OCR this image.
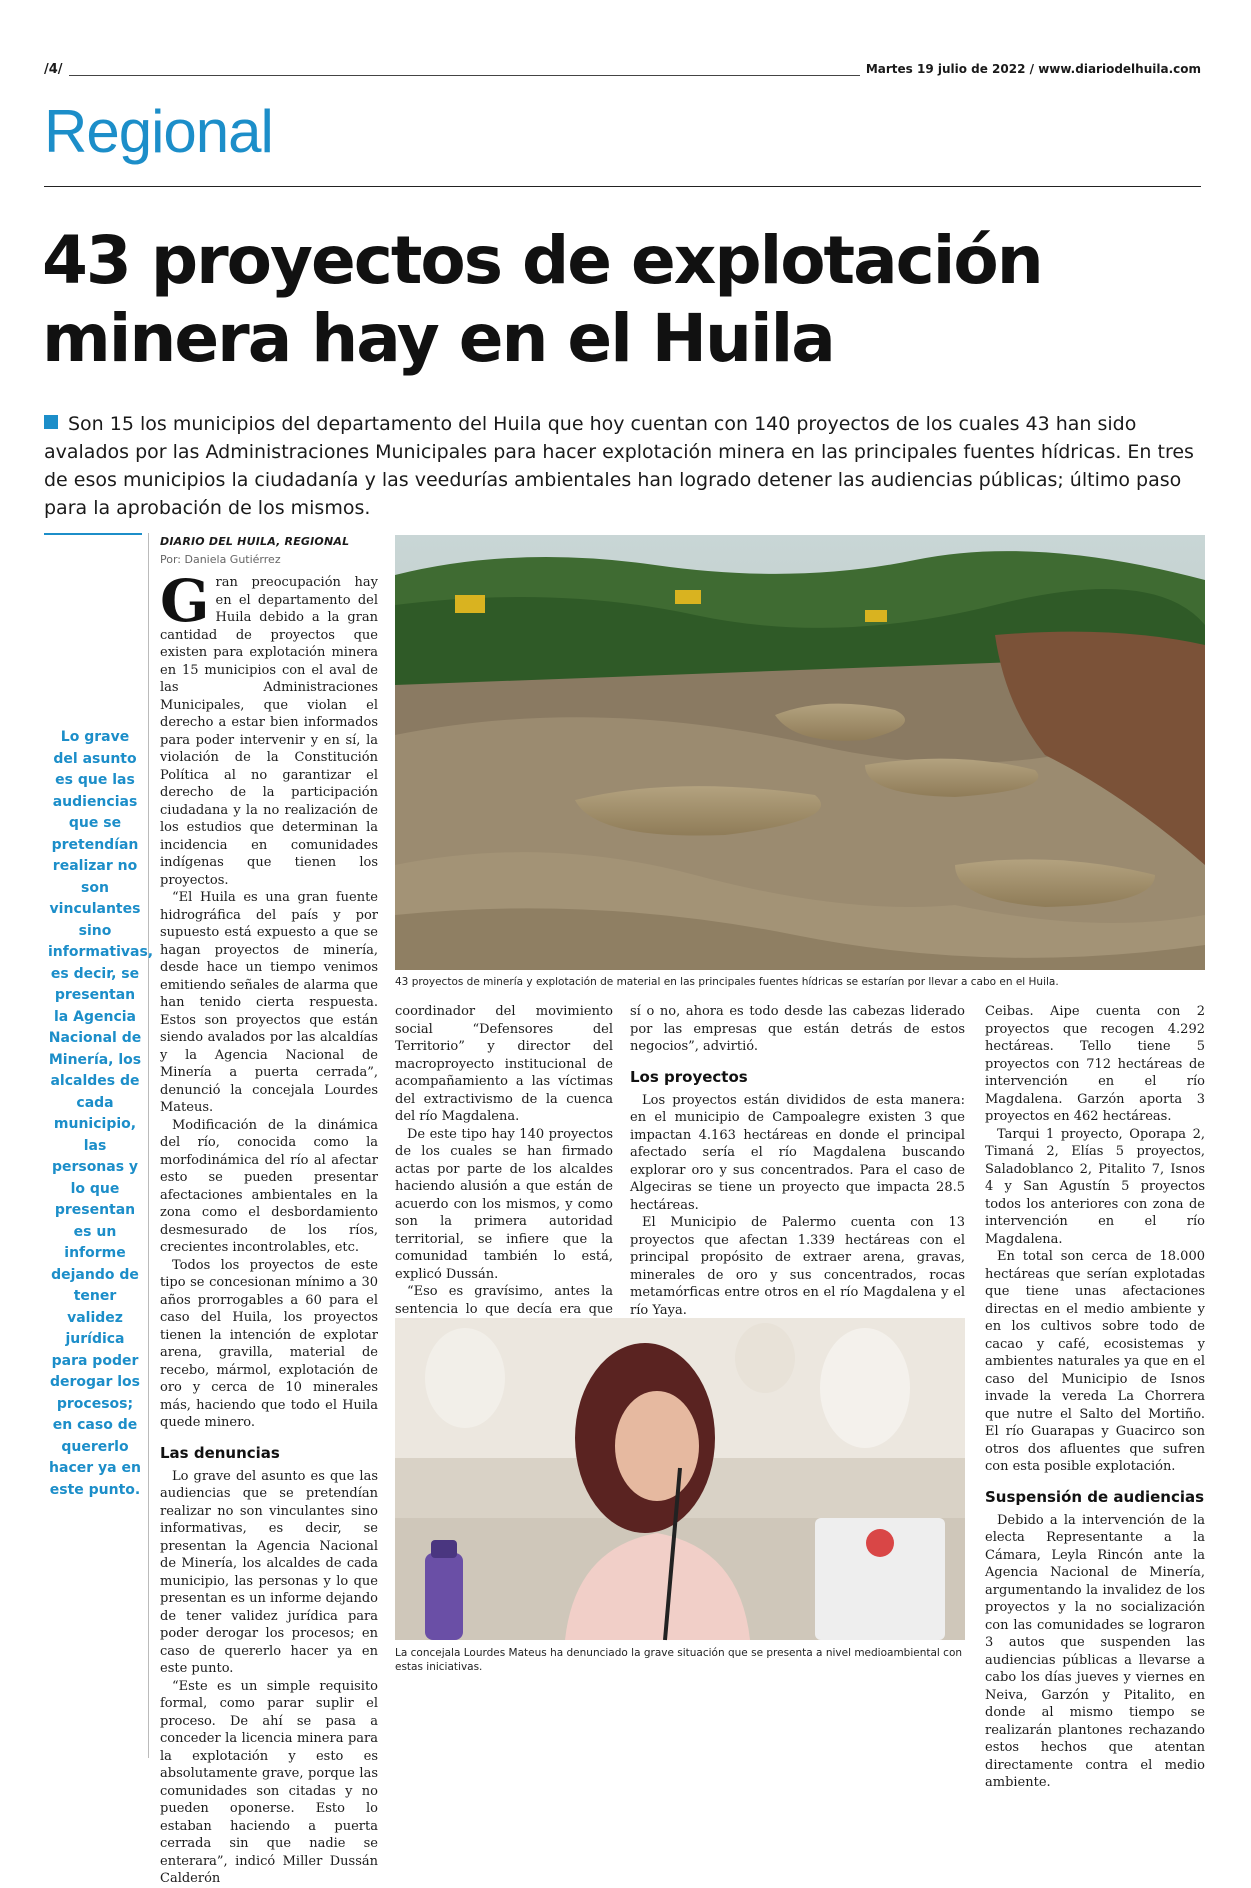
/4/	Martes 19 julio de 2022 / www.diariodelhuila.com
Regional
43 proyectos de explotación
minera hay en el Huila
Son 15 los municipios del departamento del Huila que hoy cuentan con 140 proyectos de los cuales 43 han sido avalados por las Administraciones Municipales para hacer explotación minera en las principales fuentes hídricas. En tres de esos municipios la ciudadanía y las veedurías ambientales han logrado detener las audiencias públicas; último paso para la aprobación de los mismos.
Lo grave del asunto es que las audiencias que se pretendían realizar no son vinculantes sino informativas, es decir, se presentan la Agencia Nacional de Minería, los alcaldes de cada municipio, las personas y lo que presentan es un informe dejando de tener validez jurídica para poder derogar los procesos; en caso de quererlo hacer ya en este punto.
DIARIO DEL HUILA, REGIONAL
Por: Daniela Gutiérrez

Gran preocupación hay en el departamento del Huila debido a la gran cantidad de proyectos que existen para explotación minera en 15 municipios con el aval de las Administraciones Municipales, que violan el derecho a estar bien informados para poder intervenir y en sí, la violación de la Constitución Política al no garantizar el derecho de la participación ciudadana y la no realización de los estudios que determinan la incidencia en comunidades indígenas que tienen los proyectos.

“El Huila es una gran fuente hidrográfica del país y por supuesto está expuesto a que se hagan proyectos de minería, desde hace un tiempo venimos emitiendo señales de alarma que han tenido cierta respuesta. Estos son proyectos que están siendo avalados por las alcaldías y la Agencia Nacional de Minería a puerta cerrada”, denunció la concejala Lourdes Mateus.

Modificación de la dinámica del río, conocida como la morfodinámica del río al afectar esto se pueden presentar afectaciones ambientales en la zona como el desbordamiento desmesurado de los ríos, crecientes incontrolables, etc.

Todos los proyectos de este tipo se concesionan mínimo a 30 años prorrogables a 60 para el caso del Huila, los proyectos tienen la intención de explotar arena, gravilla, material de recebo, mármol, explotación de oro y cerca de 10 minerales más, haciendo que todo el Huila quede minero.

Las denuncias

Lo grave del asunto es que las audiencias que se pretendían realizar no son vinculantes sino informativas, es decir, se presentan la Agencia Nacional de Minería, los alcaldes de cada municipio, las personas y lo que presentan es un informe dejando de tener validez jurídica para poder derogar los procesos; en caso de quererlo hacer ya en este punto.

“Este es un simple requisito formal, como parar suplir el proceso. De ahí se pasa a conceder la licencia minera para la explotación y esto es absolutamente grave, porque las comunidades son citadas y no pueden oponerse. Esto lo estaban haciendo a puerta cerrada sin que nadie se enterara”, indicó Miller Dussán Calderón

43 proyectos de minería y explotación de material en las principales fuentes hídricas se estarían por llevar a cabo en el Huila.

coordinador del movimiento social “Defensores del Territorio” y director del macroproyecto institucional de acompañamiento a las víctimas del extractivismo de la cuenca del río Magdalena.

De este tipo hay 140 proyectos de los cuales se han firmado actas por parte de los alcaldes haciendo alusión a que están de acuerdo con los mismos, y como son la primera autoridad territorial, se infiere que la comunidad también lo está, explicó Dussán.

“Eso es gravísimo, antes la sentencia lo que decía era que

sí o no, ahora es todo desde las cabezas liderado por las empresas que están detrás de estos negocios”, advirtió.

Los proyectos

Los proyectos están divididos de esta manera: en el municipio de Campoalegre existen 3 que impactan 4.163 hectáreas en donde el principal afectado sería el río Magdalena buscando explorar oro y sus concentrados. Para el caso de Algeciras se tiene un proyecto que impacta 28.5 hectáreas.

El Municipio de Palermo cuenta con 13 proyectos que afectan 1.339 hectáreas con el principal propósito de extraer arena, gravas, minerales de oro y sus concentrados, rocas metamórficas entre otros en el río Magdalena y el río Yaya.

La concejala Lourdes Mateus ha denunciado la grave situación que se presenta a nivel medioambiental con estas iniciativas.

Ceibas. Aipe cuenta con 2 proyectos que recogen 4.292 hectáreas. Tello tiene 5 proyectos con 712 hectáreas de intervención en el río Magdalena. Garzón aporta 3 proyectos en 462 hectáreas.

Tarqui 1 proyecto, Oporapa 2, Timaná 2, Elías 5 proyectos, Saladoblanco 2, Pitalito 7, Isnos 4 y San Agustín 5 proyectos todos los anteriores con zona de intervención en el río Magdalena.

En total son cerca de 18.000 hectáreas que serían explotadas que tiene unas afectaciones directas en el medio ambiente y en los cultivos sobre todo de cacao y café, ecosistemas y ambientes naturales ya que en el caso del Municipio de Isnos invade la vereda La Chorrera que nutre el Salto del Mortiño. El río Guarapas y Guacirco son otros dos afluentes que sufren con esta posible explotación.

Suspensión de audiencias

Debido a la intervención de la electa Representante a la Cámara, Leyla Rincón ante la Agencia Nacional de Minería, argumentando la invalidez de los proyectos y la no socialización con las comunidades se lograron 3 autos que suspenden las audiencias públicas a llevarse a cabo los días jueves y viernes en Neiva, Garzón y Pitalito, en donde al mismo tiempo se realizarán plantones rechazando estos hechos que atentan directamente contra el medio ambiente.
